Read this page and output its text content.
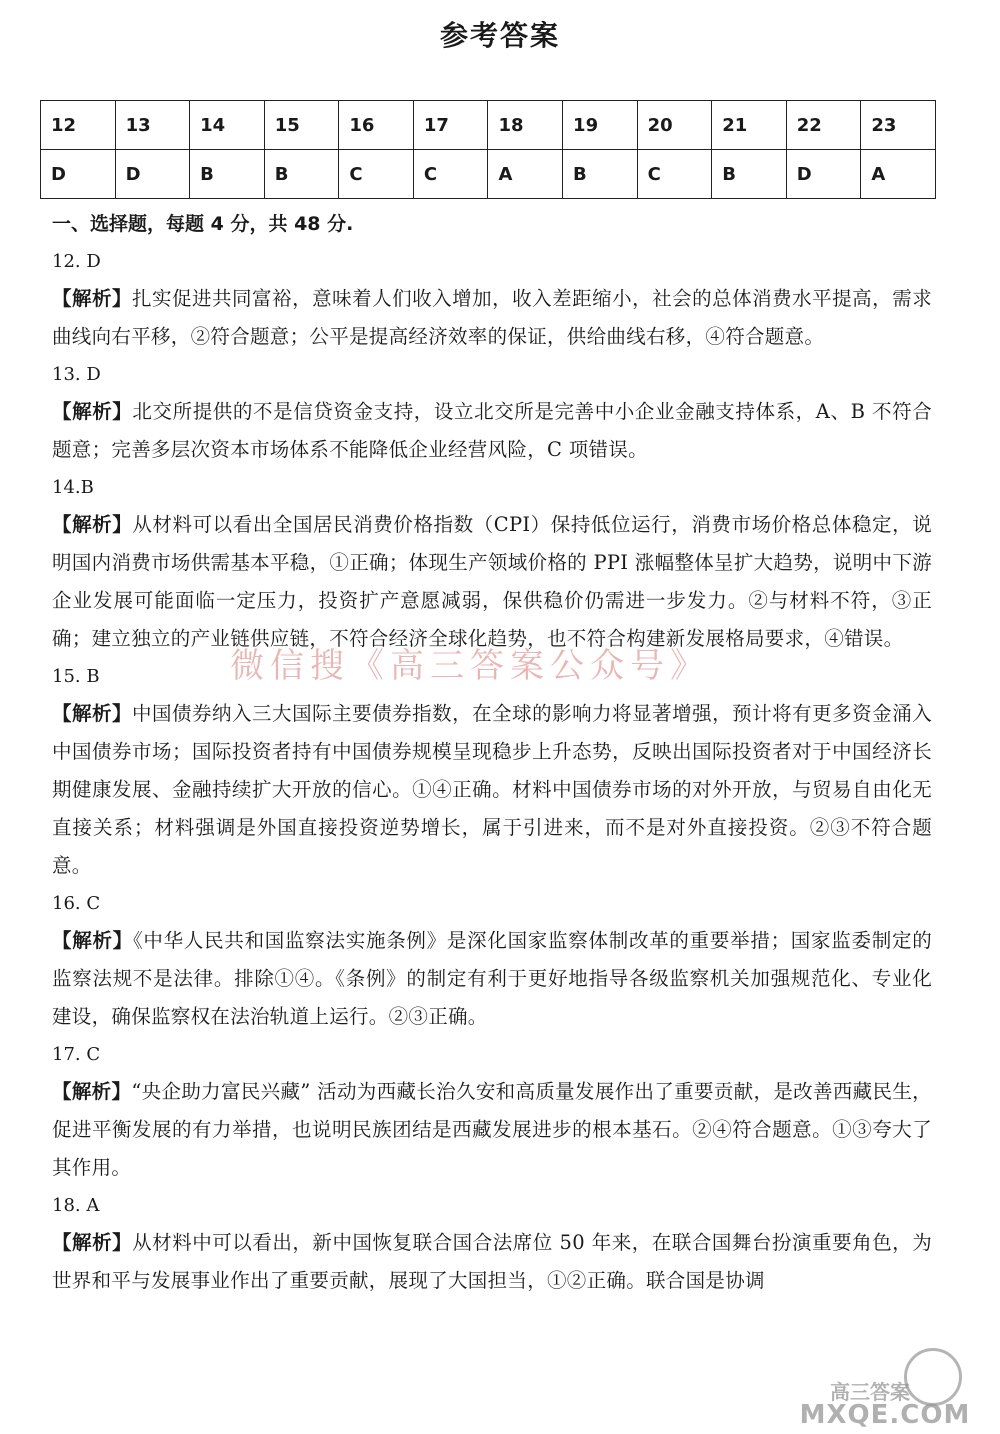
参考答案
12	13	14	15	16	17	18	19	20	21	22	23
D	D	B	B	C	C	A	B	C	B	D	A

一、选择题，每题 4 分，共 48 分.

12. D

【解析】扎实促进共同富裕，意味着人们收入增加，收入差距缩小，社会的总体消费水平提高，需求曲线向右平移，②符合题意；公平是提高经济效率的保证，供给曲线右移，④符合题意。

13. D

【解析】北交所提供的不是信贷资金支持，设立北交所是完善中小企业金融支持体系，A、B 不符合题意；完善多层次资本市场体系不能降低企业经营风险，C 项错误。

14.B

【解析】从材料可以看出全国居民消费价格指数（CPI）保持低位运行，消费市场价格总体稳定，说明国内消费市场供需基本平稳，①正确；体现生产领域价格的 PPI 涨幅整体呈扩大趋势，说明中下游企业发展可能面临一定压力，投资扩产意愿减弱，保供稳价仍需进一步发力。②与材料不符，③正确；建立独立的产业链供应链，不符合经济全球化趋势，也不符合构建新发展格局要求，④错误。

15. B

【解析】中国债券纳入三大国际主要债券指数，在全球的影响力将显著增强，预计将有更多资金涌入中国债券市场；国际投资者持有中国债券规模呈现稳步上升态势，反映出国际投资者对于中国经济长期健康发展、金融持续扩大开放的信心。①④正确。材料中国债券市场的对外开放，与贸易自由化无直接关系；材料强调是外国直接投资逆势增长，属于引进来，而不是对外直接投资。②③不符合题意。

16. C

【解析】《中华人民共和国监察法实施条例》是深化国家监察体制改革的重要举措；国家监委制定的监察法规不是法律。排除①④。《条例》的制定有利于更好地指导各级监察机关加强规范化、专业化建设，确保监察权在法治轨道上运行。②③正确。

17. C

【解析】“央企助力富民兴藏” 活动为西藏长治久安和高质量发展作出了重要贡献，是改善西藏民生，促进平衡发展的有力举措，也说明民族团结是西藏发展进步的根本基石。②④符合题意。①③夸大了其作用。

18. A

【解析】从材料中可以看出，新中国恢复联合国合法席位 50 年来，在联合国舞台扮演重要角色，为世界和平与发展事业作出了重要贡献，展现了大国担当，①②正确。联合国是协调

微信搜《高三答案公众号》
高三答案
MXQE.COM
